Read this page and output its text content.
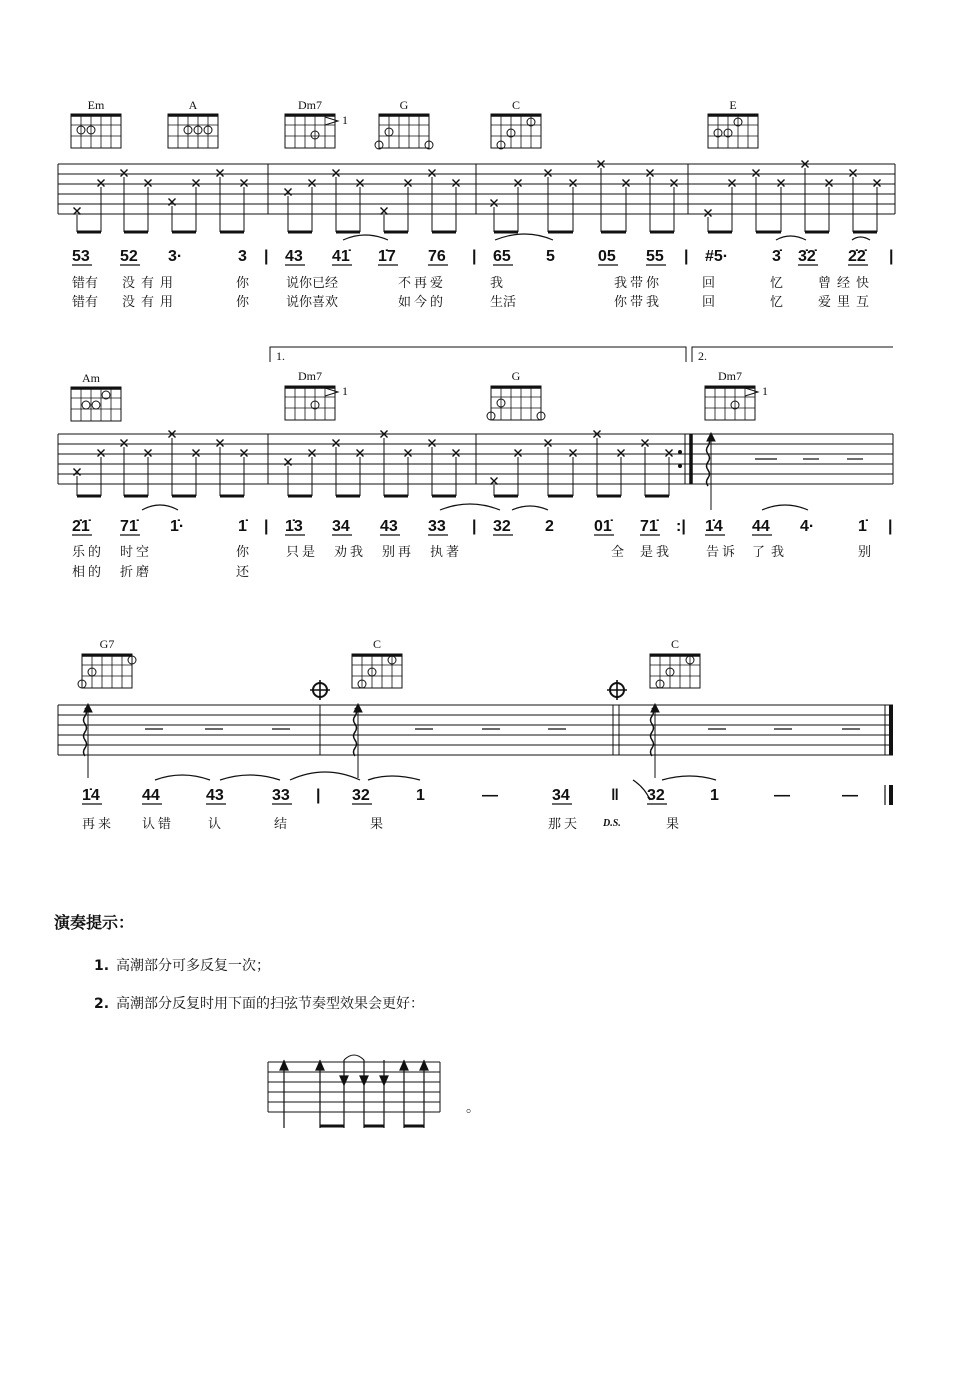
Em	A	Dm7
1
G	C	E
53 52 3·	3 | 43 41̇ 1̇7 76 | 65 5	05 55 | #5·	3̇ 3̇2̇ 2̇2̇ |
错有 没有用	你	说你已经	不再爱	我	我带你	回	忆	曾经快
错有 没有用	你	说你喜欢	如今的	生活	你带我	回	忆	爱里互
1.	2.
Am	Dm7
1
G	Dm7
1
2̇1̇ 71̇ 1̇·	1̇ | 1̇3 34 43 33 | 32 2	01̇ 71̇ :| 1̇4 44 4·	1̇ |
乐的 时空	你	只是 劝我 别再 执著	全 是我	告诉 了我	别
相的 折磨	还
G7	C	C
1̇4	44	43	33 | 32	1	—	34	‖ 32	1	—	—
再来 认错	认	结	果	那天	果
D.S.
演奏提示：
1. 高潮部分可多反复一次；
2. 高潮部分反复时用下面的扫弦节奏型效果会更好：
。
